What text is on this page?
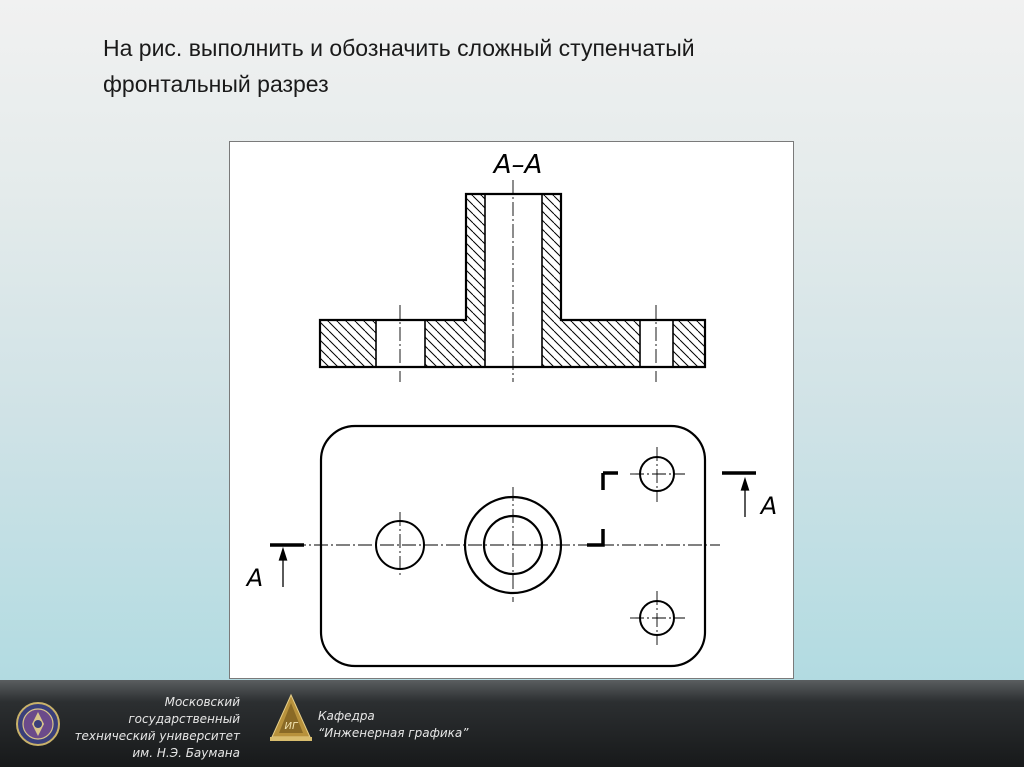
На рис. выполнить и обозначить сложный ступенчатый
фронтальный разрез
А–А
А
А

Московский государственный
технический университет
им. Н.Э. Баумана

ИГ

Кафедра
“Инженерная графика”
